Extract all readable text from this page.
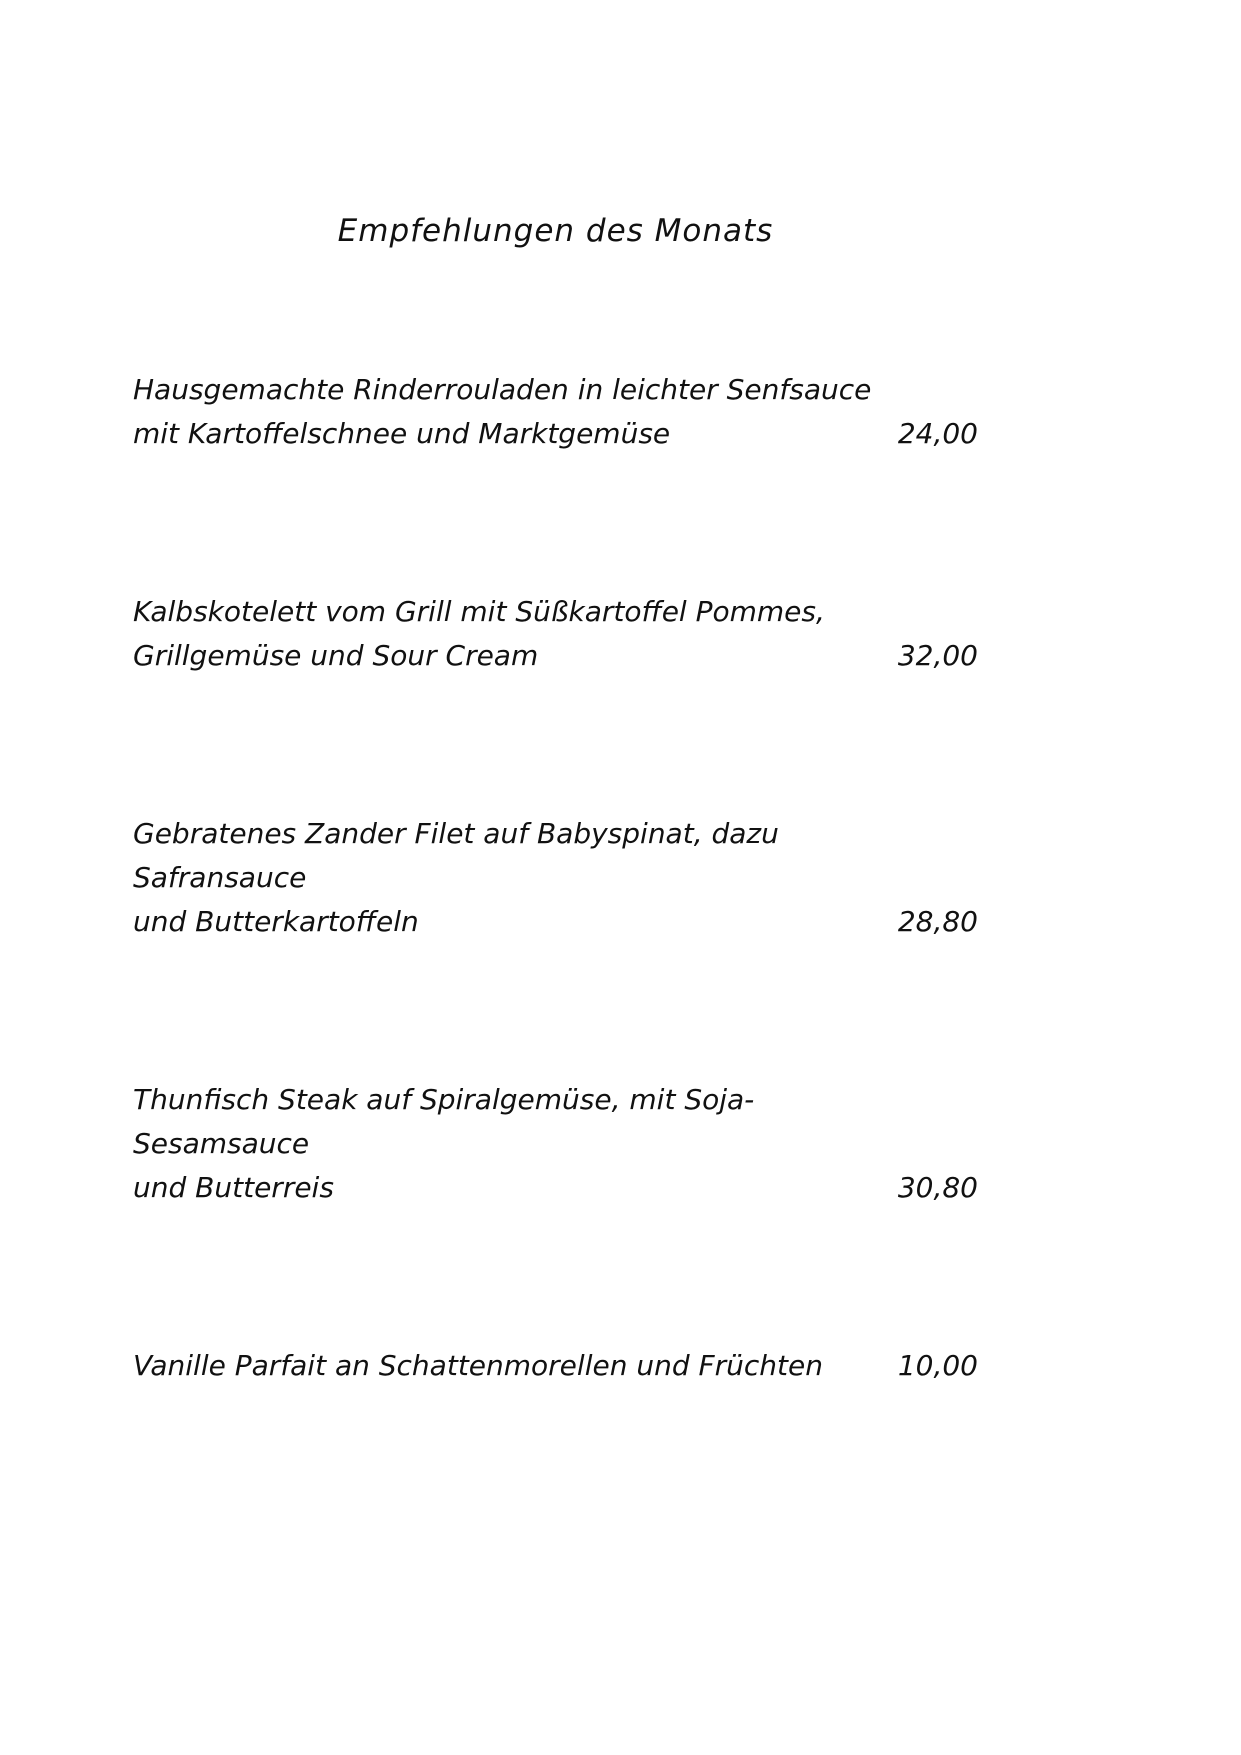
Empfehlungen des Monats
Hausgemachte Rinderrouladen in leichter Senfsauce
mit Kartoffelschnee und Marktgemüse	24,00
Kalbskotelett vom Grill mit Süßkartoffel Pommes,
Grillgemüse und Sour Cream	32,00
Gebratenes Zander Filet auf Babyspinat, dazu Safransauce
und Butterkartoffeln	28,80
Thunfisch Steak auf Spiralgemüse, mit Soja-Sesamsauce
und Butterreis	30,80
Vanille Parfait an Schattenmorellen und Früchten	10,00
